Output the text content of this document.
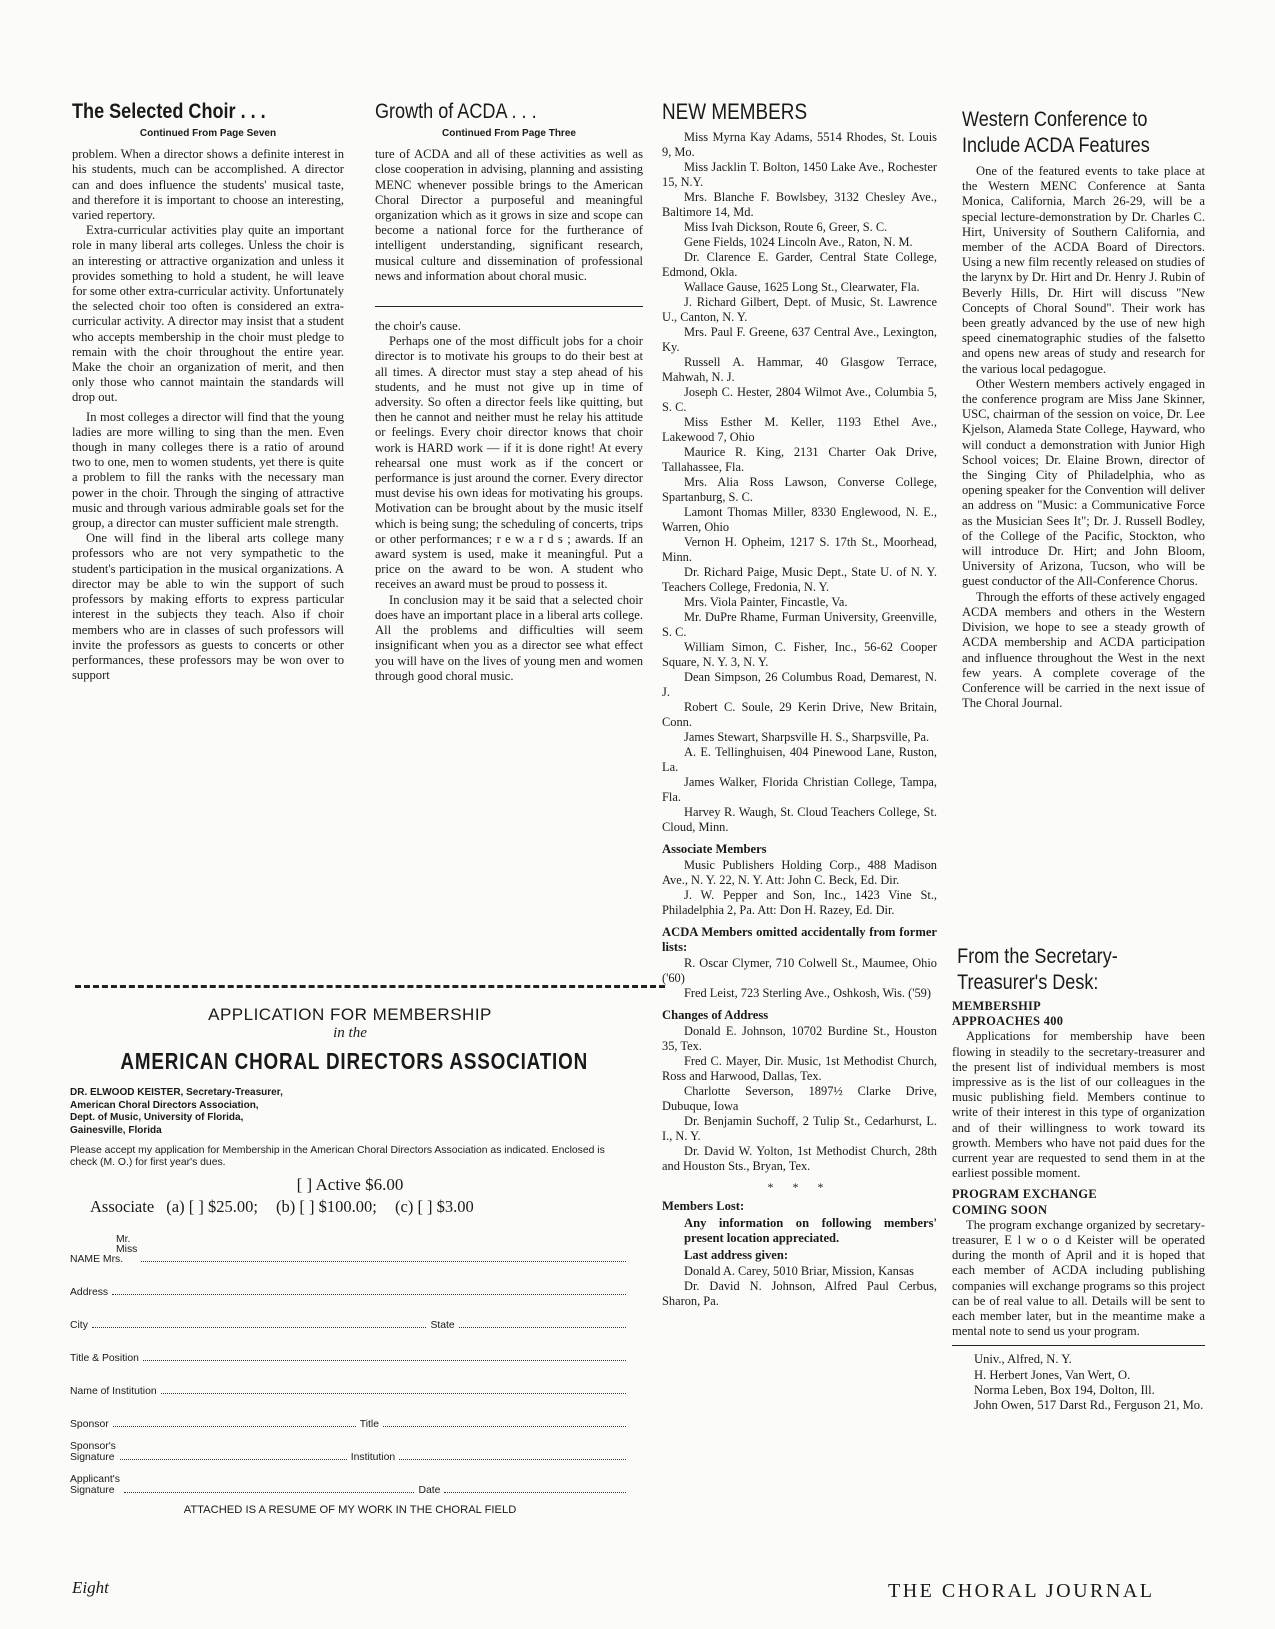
The Selected Choir . . .
Continued From Page Seven

problem. When a director shows a definite interest in his students, much can be accomplished. A director can and does influence the students' musical taste, and therefore it is important to choose an interesting, varied repertory.

Extra-curricular activities play quite an important role in many liberal arts colleges. Unless the choir is an interesting or attractive organization and unless it provides something to hold a student, he will leave for some other extra-curricular activity. Unfortunately the selected choir too often is considered an extra-curricular activity. A director may insist that a student who accepts membership in the choir must pledge to remain with the choir throughout the entire year. Make the choir an organization of merit, and then only those who cannot maintain the standards will drop out.

In most colleges a director will find that the young ladies are more willing to sing than the men. Even though in many colleges there is a ratio of around two to one, men to women students, yet there is quite a problem to fill the ranks with the necessary man power in the choir. Through the singing of attractive music and through various admirable goals set for the group, a director can muster sufficient male strength.

One will find in the liberal arts college many professors who are not very sympathetic to the student's participation in the musical organizations. A director may be able to win the support of such professors by making efforts to express particular interest in the subjects they teach. Also if choir members who are in classes of such professors will invite the professors as guests to concerts or other performances, these professors may be won over to support

Growth of ACDA . . .
Continued From Page Three

ture of ACDA and all of these activities as well as close cooperation in advising, planning and assisting MENC whenever possible brings to the American Choral Director a purposeful and meaningful organization which as it grows in size and scope can become a national force for the furtherance of intelligent understanding, significant research, musical culture and dissemination of professional news and information about choral music.

the choir's cause.

Perhaps one of the most difficult jobs for a choir director is to motivate his groups to do their best at all times. A director must stay a step ahead of his students, and he must not give up in time of adversity. So often a director feels like quitting, but then he cannot and neither must he relay his attitude or feelings. Every choir director knows that choir work is HARD work — if it is done right! At every rehearsal one must work as if the concert or performance is just around the corner. Every director must devise his own ideas for motivating his groups. Motivation can be brought about by the music itself which is being sung; the scheduling of concerts, trips or other performances; r e w a r d s ; awards. If an award system is used, make it meaningful. Put a price on the award to be won. A student who receives an award must be proud to possess it.

In conclusion may it be said that a selected choir does have an important place in a liberal arts college. All the problems and difficulties will seem insignificant when you as a director see what effect you will have on the lives of young men and women through good choral music.

NEW MEMBERS
Miss Myrna Kay Adams, 5514 Rhodes, St. Louis 9, Mo.
Miss Jacklin T. Bolton, 1450 Lake Ave., Rochester 15, N.Y.
Mrs. Blanche F. Bowlsbey, 3132 Chesley Ave., Baltimore 14, Md.
Miss Ivah Dickson, Route 6, Greer, S. C.
Gene Fields, 1024 Lincoln Ave., Raton, N. M.
Dr. Clarence E. Garder, Central State College, Edmond, Okla.
Wallace Gause, 1625 Long St., Clearwater, Fla.
J. Richard Gilbert, Dept. of Music, St. Lawrence U., Canton, N. Y.
Mrs. Paul F. Greene, 637 Central Ave., Lexington, Ky.
Russell A. Hammar, 40 Glasgow Terrace, Mahwah, N. J.
Joseph C. Hester, 2804 Wilmot Ave., Columbia 5, S. C.
Miss Esther M. Keller, 1193 Ethel Ave., Lakewood 7, Ohio
Maurice R. King, 2131 Charter Oak Drive, Tallahassee, Fla.
Mrs. Alia Ross Lawson, Converse College, Spartanburg, S. C.
Lamont Thomas Miller, 8330 Englewood, N. E., Warren, Ohio
Vernon H. Opheim, 1217 S. 17th St., Moorhead, Minn.
Dr. Richard Paige, Music Dept., State U. of N. Y. Teachers College, Fredonia, N. Y.
Mrs. Viola Painter, Fincastle, Va.
Mr. DuPre Rhame, Furman University, Greenville, S. C.
William Simon, C. Fisher, Inc., 56-62 Cooper Square, N. Y. 3, N. Y.
Dean Simpson, 26 Columbus Road, Demarest, N. J.
Robert C. Soule, 29 Kerin Drive, New Britain, Conn.
James Stewart, Sharpsville H. S., Sharpsville, Pa.
A. E. Tellinghuisen, 404 Pinewood Lane, Ruston, La.
James Walker, Florida Christian College, Tampa, Fla.
Harvey R. Waugh, St. Cloud Teachers College, St. Cloud, Minn.
Associate Members
Music Publishers Holding Corp., 488 Madison Ave., N. Y. 22, N. Y. Att: John C. Beck, Ed. Dir.
J. W. Pepper and Son, Inc., 1423 Vine St., Philadelphia 2, Pa. Att: Don H. Razey, Ed. Dir.
ACDA Members omitted accidentally from former lists:
R. Oscar Clymer, 710 Colwell St., Maumee, Ohio ('60)
Fred Leist, 723 Sterling Ave., Oshkosh, Wis. ('59)
Changes of Address
Donald E. Johnson, 10702 Burdine St., Houston 35, Tex.
Fred C. Mayer, Dir. Music, 1st Methodist Church, Ross and Harwood, Dallas, Tex.
Charlotte Severson, 1897½ Clarke Drive, Dubuque, Iowa
Dr. Benjamin Suchoff, 2 Tulip St., Cedarhurst, L. I., N. Y.
Dr. David W. Yolton, 1st Methodist Church, 28th and Houston Sts., Bryan, Tex.
* * *
Members Lost:
Any information on following members' present location appreciated.
Last address given:
Donald A. Carey, 5010 Briar, Mission, Kansas
Dr. David N. Johnson, Alfred Paul Cerbus, Sharon, Pa.
Western Conference to
Include ACDA Features

One of the featured events to take place at the Western MENC Conference at Santa Monica, California, March 26-29, will be a special lecture-demonstration by Dr. Charles C. Hirt, University of Southern California, and member of the ACDA Board of Directors. Using a new film recently released on studies of the larynx by Dr. Hirt and Dr. Henry J. Rubin of Beverly Hills, Dr. Hirt will discuss "New Concepts of Choral Sound". Their work has been greatly advanced by the use of new high speed cinematographic studies of the falsetto and opens new areas of study and research for the various local pedagogue.

Other Western members actively engaged in the conference program are Miss Jane Skinner, USC, chairman of the session on voice, Dr. Lee Kjelson, Alameda State College, Hayward, who will conduct a demonstration with Junior High School voices; Dr. Elaine Brown, director of the Singing City of Philadelphia, who as opening speaker for the Convention will deliver an address on "Music: a Communicative Force as the Musician Sees It"; Dr. J. Russell Bodley, of the College of the Pacific, Stockton, who will introduce Dr. Hirt; and John Bloom, University of Arizona, Tucson, who will be guest conductor of the All-Conference Chorus.

Through the efforts of these actively engaged ACDA members and others in the Western Division, we hope to see a steady growth of ACDA membership and ACDA participation and influence throughout the West in the next few years. A complete coverage of the Conference will be carried in the next issue of The Choral Journal.

From the Secretary-
Treasurer's Desk:
MEMBERSHIP
APPROACHES 400

Applications for membership have been flowing in steadily to the secretary-treasurer and the present list of individual members is most impressive as is the list of our colleagues in the music publishing field. Members continue to write of their interest in this type of organization and of their willingness to work toward its growth. Members who have not paid dues for the current year are requested to send them in at the earliest possible moment.

PROGRAM EXCHANGE
COMING SOON

The program exchange organized by secretary-treasurer, E l w o o d Keister will be operated during the month of April and it is hoped that each member of ACDA including publishing companies will exchange programs so this project can be of real value to all. Details will be sent to each member later, but in the meantime make a mental note to send us your program.

Univ., Alfred, N. Y.
H. Herbert Jones, Van Wert, O.
Norma Leben, Box 194, Dolton, Ill.
John Owen, 517 Darst Rd., Ferguson 21, Mo.
APPLICATION FOR MEMBERSHIP
in the
AMERICAN CHORAL DIRECTORS ASSOCIATION
DR. ELWOOD KEISTER, Secretary-Treasurer,
American Choral Directors Association,
Dept. of Music, University of Florida,
Gainesville, Florida
Please accept my application for Membership in the American Choral Directors Association as indicated. Enclosed is check (M. O.) for first year's dues.
[ ] Active $6.00
Associate (a) [ ] $25.00; (b) [ ] $100.00; (c) [ ] $3.00
Mr.
Miss
NAME Mrs.
Address
City	State
Title & Position
Name of Institution
Sponsor	Title
Sponsor's
Signature	Institution
Applicant's
Signature	Date
ATTACHED IS A RESUME OF MY WORK IN THE CHORAL FIELD
Eight	THE CHORAL JOURNAL
